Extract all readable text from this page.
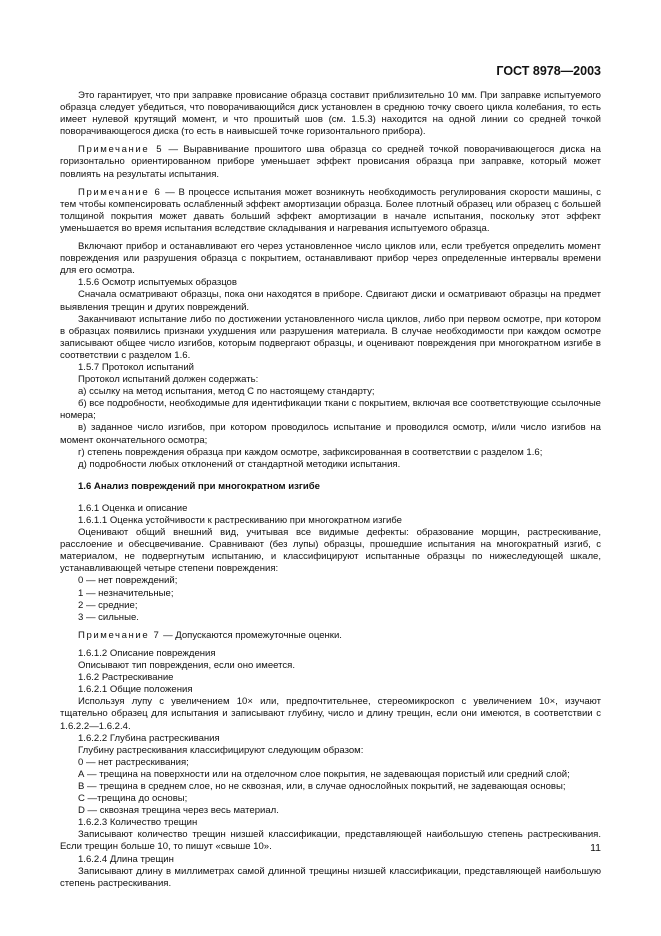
ГОСТ 8978—2003

Это гарантирует, что при заправке провисание образца составит приблизительно 10 мм. При заправке испытуемого образца следует убедиться, что поворачивающийся диск установлен в среднюю точку своего цикла колебания, то есть имеет нулевой крутящий момент, и что прошитый шов (см. 1.5.3) находится на одной линии со средней точкой поворачивающегося диска (то есть в наивысшей точке горизонтального прибора).

Примечание 5 — Выравнивание прошитого шва образца со средней точкой поворачивающегося диска на горизонтально ориентированном приборе уменьшает эффект провисания образца при заправке, который может повлиять на результаты испытания.

Примечание 6 — В процессе испытания может возникнуть необходимость регулирования скорости машины, с тем чтобы компенсировать ослабленный эффект амортизации образца. Более плотный образец или образец с большей толщиной покрытия может давать больший эффект амортизации в начале испытания, поскольку этот эффект уменьшается во время испытания вследствие складывания и нагревания испытуемого образца.

Включают прибор и останавливают его через установленное число циклов или, если требуется определить момент повреждения или разрушения образца с покрытием, останавливают прибор через определенные интервалы времени для его осмотра.

1.5.6 Осмотр испытуемых образцов

Сначала осматривают образцы, пока они находятся в приборе. Сдвигают диски и осматривают образцы на предмет выявления трещин и других повреждений.

Заканчивают испытание либо по достижении установленного числа циклов, либо при первом осмотре, при котором в образцах появились признаки ухудшения или разрушения материала. В случае необходимости при каждом осмотре записывают общее число изгибов, которым подвергают образцы, и оценивают повреждения при многократном изгибе в соответствии с разделом 1.6.

1.5.7 Протокол испытаний

Протокол испытаний должен содержать:

а) ссылку на метод испытания, метод С по настоящему стандарту;

б) все подробности, необходимые для идентификации ткани с покрытием, включая все соответствующие ссылочные номера;

в) заданное число изгибов, при котором проводилось испытание и проводился осмотр, и/или число изгибов на момент окончательного осмотра;

г) степень повреждения образца при каждом осмотре, зафиксированная в соответствии с разделом 1.6;

д) подробности любых отклонений от стандартной методики испытания.

1.6 Анализ повреждений при многократном изгибе

1.6.1 Оценка и описание

1.6.1.1 Оценка устойчивости к растрескиванию при многократном изгибе

Оценивают общий внешний вид, учитывая все видимые дефекты: образование морщин, растрескивание, расслоение и обесцвечивание. Сравнивают (без лупы) образцы, прошедшие испытания на многократный изгиб, с материалом, не подвергнутым испытанию, и классифицируют испытанные образцы по нижеследующей шкале, устанавливающей четыре степени повреждения:

0 — нет повреждений;

1 — незначительные;

2 — средние;

3 — сильные.

Примечание 7 — Допускаются промежуточные оценки.

1.6.1.2 Описание повреждения

Описывают тип повреждения, если оно имеется.

1.6.2 Растрескивание

1.6.2.1 Общие положения

Используя лупу с увеличением 10× или, предпочтительнее, стереомикроскоп с увеличением 10×, изучают тщательно образец для испытания и записывают глубину, число и длину трещин, если они имеются, в соответствии с 1.6.2.2—1.6.2.4.

1.6.2.2 Глубина растрескивания

Глубину растрескивания классифицируют следующим образом:

0 — нет растрескивания;

А — трещина на поверхности или на отделочном слое покрытия, не задевающая пористый или средний слой;

В — трещина в среднем слое, но не сквозная, или, в случае однослойных покрытий, не задевающая основы;

С —трещина до основы;

D — сквозная трещина через весь материал.

1.6.2.3 Количество трещин

Записывают количество трещин низшей классификации, представляющей наибольшую степень растрескивания. Если трещин больше 10, то пишут «свыше 10».

1.6.2.4 Длина трещин

Записывают длину в миллиметрах самой длинной трещины низшей классификации, представляющей наибольшую степень растрескивания.

11
